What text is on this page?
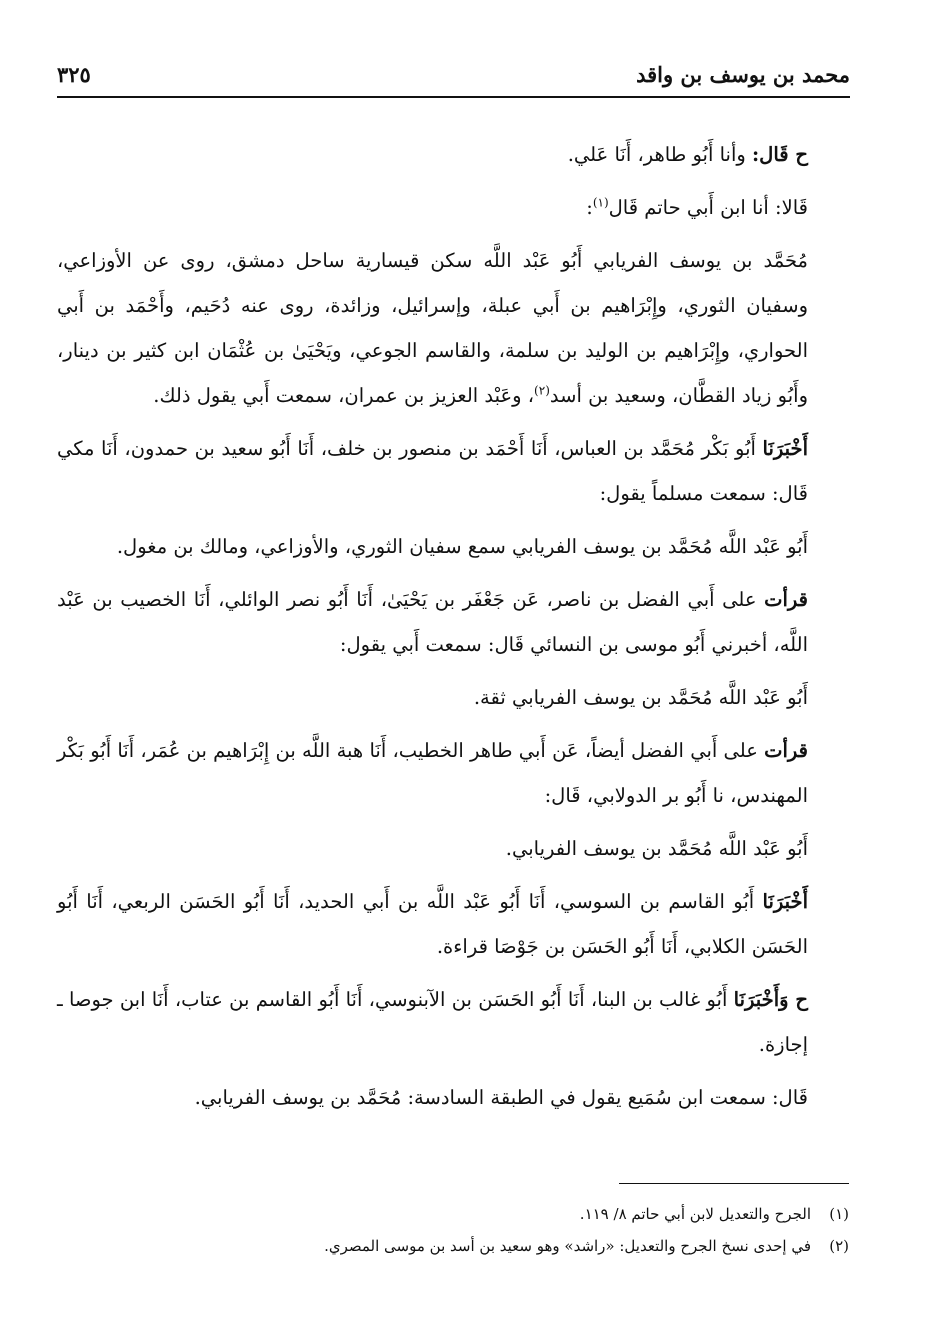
محمد بن يوسف بن واقد
٣٢٥

ح قَال: وأنا أَبُو طاهر، أَنَا عَلي.

قَالا: أنا ابن أَبي حاتم قَال$^{(١)}$:

مُحَمَّد بن يوسف الفريابي أَبُو عَبْد اللَّه سكن قيسارية ساحل دمشق، روى عن الأوزاعي، وسفيان الثوري، وإِبْرَاهيم بن أَبي عبلة، وإسرائيل، وزائدة، روى عنه دُحَيم، وأَحْمَد بن أَبي الحواري، وإِبْرَاهيم بن الوليد بن سلمة، والقاسم الجوعي، ويَحْيَىٰ بن عُثْمَان ابن كثير بن دينار، وأَبُو زياد القطَّان، وسعيد بن أسد$^{(٢)}$، وعَبْد العزيز بن عمران، سمعت أَبي يقول ذلك.

أَخْبَرَنَا أَبُو بَكْر مُحَمَّد بن العباس، أَنَا أَحْمَد بن منصور بن خلف، أَنَا أَبُو سعيد بن حمدون، أَنَا مكي قَال: سمعت مسلماً يقول:

أَبُو عَبْد اللَّه مُحَمَّد بن يوسف الفريابي سمع سفيان الثوري، والأوزاعي، ومالك بن مغول.

قرأت على أَبي الفضل بن ناصر، عَن جَعْفَر بن يَحْيَىٰ، أَنَا أَبُو نصر الوائلي، أَنَا الخصيب بن عَبْد اللَّه، أخبرني أَبُو موسى بن النسائي قَال: سمعت أَبي يقول:

أَبُو عَبْد اللَّه مُحَمَّد بن يوسف الفريابي ثقة.

قرأت على أَبي الفضل أيضاً، عَن أَبي طاهر الخطيب، أَنَا هبة اللَّه بن إِبْرَاهيم بن عُمَر، أَنَا أَبُو بَكْر المهندس، نا أَبُو بر الدولابي، قَال:

أَبُو عَبْد اللَّه مُحَمَّد بن يوسف الفريابي.

أَخْبَرَنَا أَبُو القاسم بن السوسي، أَنَا أَبُو عَبْد اللَّه بن أَبي الحديد، أَنَا أَبُو الحَسَن الربعي، أَنَا أَبُو الحَسَن الكلابي، أَنَا أَبُو الحَسَن بن جَوْصَا قراءة.

ح وَأَخْبَرَنَا أَبُو غالب بن البنا، أَنَا أَبُو الحَسَن بن الآبنوسي، أَنَا أَبُو القاسم بن عتاب، أَنَا ابن جوصا ـ إجازة.

قَال: سمعت ابن سُمَيع يقول في الطبقة السادسة: مُحَمَّد بن يوسف الفريابي.

(١)
الجرح والتعديل لابن أبي حاتم ٨/ ١١٩.
(٢)
في إحدى نسخ الجرح والتعديل: «راشد» وهو سعيد بن أسد بن موسى المصري.
